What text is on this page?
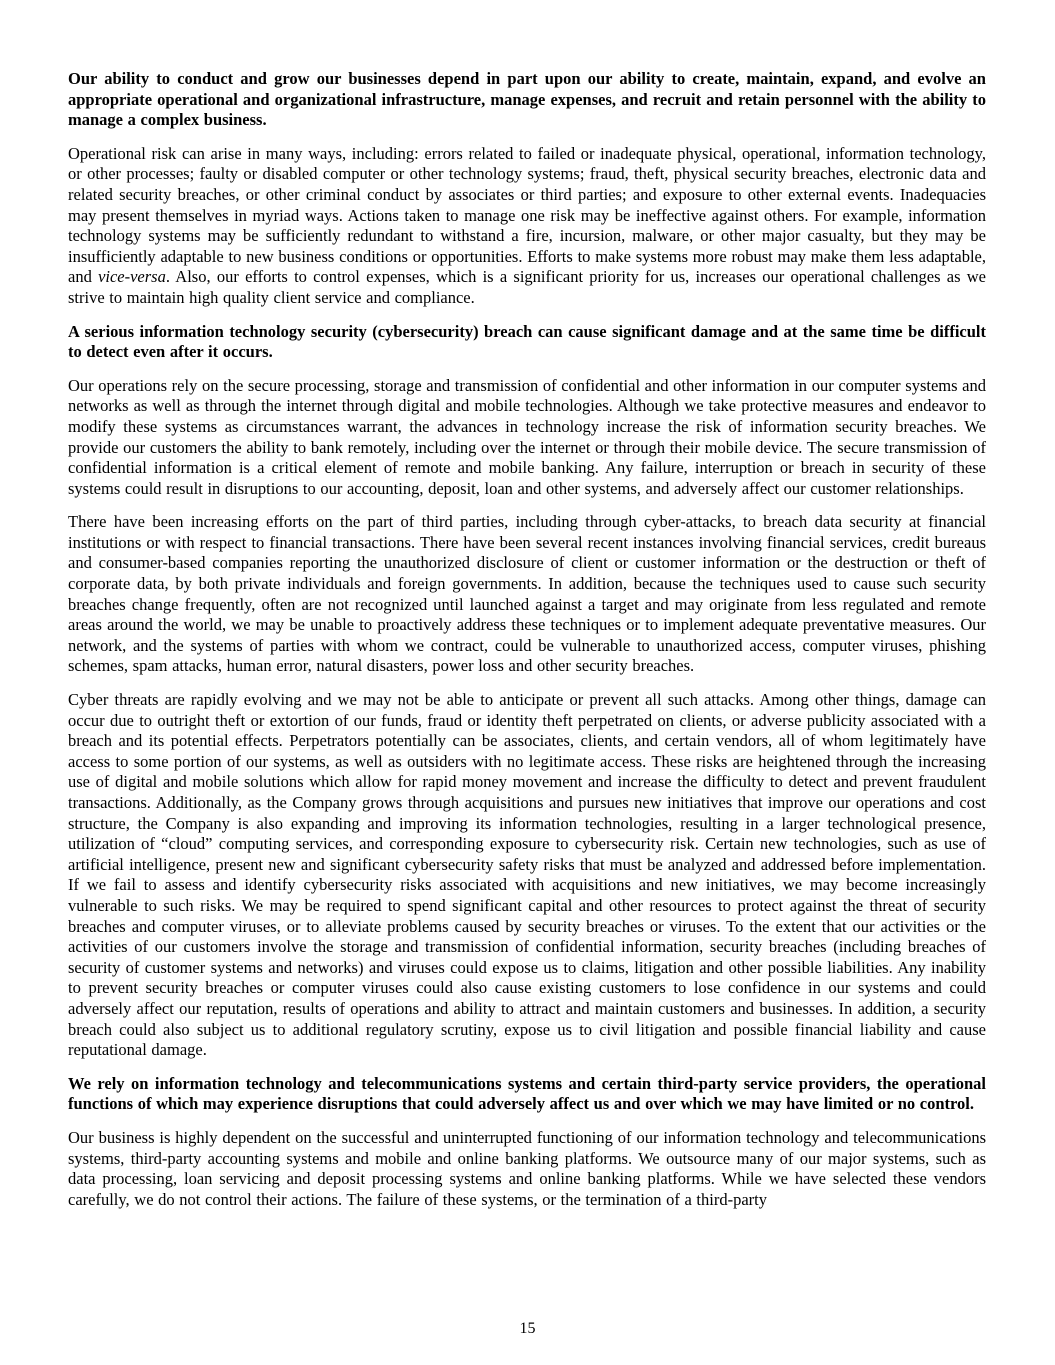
Our ability to conduct and grow our businesses depend in part upon our ability to create, maintain, expand, and evolve an appropriate operational and organizational infrastructure, manage expenses, and recruit and retain personnel with the ability to manage a complex business.

Operational risk can arise in many ways, including: errors related to failed or inadequate physical, operational, information technology, or other processes; faulty or disabled computer or other technology systems; fraud, theft, physical security breaches, electronic data and related security breaches, or other criminal conduct by associates or third parties; and exposure to other external events. Inadequacies may present themselves in myriad ways. Actions taken to manage one risk may be ineffective against others. For example, information technology systems may be sufficiently redundant to withstand a fire, incursion, malware, or other major casualty, but they may be insufficiently adaptable to new business conditions or opportunities. Efforts to make systems more robust may make them less adaptable, and vice-versa. Also, our efforts to control expenses, which is a significant priority for us, increases our operational challenges as we strive to maintain high quality client service and compliance.

A serious information technology security (cybersecurity) breach can cause significant damage and at the same time be difficult to detect even after it occurs.

Our operations rely on the secure processing, storage and transmission of confidential and other information in our computer systems and networks as well as through the internet through digital and mobile technologies. Although we take protective measures and endeavor to modify these systems as circumstances warrant, the advances in technology increase the risk of information security breaches. We provide our customers the ability to bank remotely, including over the internet or through their mobile device. The secure transmission of confidential information is a critical element of remote and mobile banking. Any failure, interruption or breach in security of these systems could result in disruptions to our accounting, deposit, loan and other systems, and adversely affect our customer relationships.

There have been increasing efforts on the part of third parties, including through cyber-attacks, to breach data security at financial institutions or with respect to financial transactions. There have been several recent instances involving financial services, credit bureaus and consumer-based companies reporting the unauthorized disclosure of client or customer information or the destruction or theft of corporate data, by both private individuals and foreign governments. In addition, because the techniques used to cause such security breaches change frequently, often are not recognized until launched against a target and may originate from less regulated and remote areas around the world, we may be unable to proactively address these techniques or to implement adequate preventative measures. Our network, and the systems of parties with whom we contract, could be vulnerable to unauthorized access, computer viruses, phishing schemes, spam attacks, human error, natural disasters, power loss and other security breaches.

Cyber threats are rapidly evolving and we may not be able to anticipate or prevent all such attacks. Among other things, damage can occur due to outright theft or extortion of our funds, fraud or identity theft perpetrated on clients, or adverse publicity associated with a breach and its potential effects. Perpetrators potentially can be associates, clients, and certain vendors, all of whom legitimately have access to some portion of our systems, as well as outsiders with no legitimate access. These risks are heightened through the increasing use of digital and mobile solutions which allow for rapid money movement and increase the difficulty to detect and prevent fraudulent transactions. Additionally, as the Company grows through acquisitions and pursues new initiatives that improve our operations and cost structure, the Company is also expanding and improving its information technologies, resulting in a larger technological presence, utilization of “cloud” computing services, and corresponding exposure to cybersecurity risk. Certain new technologies, such as use of artificial intelligence, present new and significant cybersecurity safety risks that must be analyzed and addressed before implementation. If we fail to assess and identify cybersecurity risks associated with acquisitions and new initiatives, we may become increasingly vulnerable to such risks. We may be required to spend significant capital and other resources to protect against the threat of security breaches and computer viruses, or to alleviate problems caused by security breaches or viruses. To the extent that our activities or the activities of our customers involve the storage and transmission of confidential information, security breaches (including breaches of security of customer systems and networks) and viruses could expose us to claims, litigation and other possible liabilities. Any inability to prevent security breaches or computer viruses could also cause existing customers to lose confidence in our systems and could adversely affect our reputation, results of operations and ability to attract and maintain customers and businesses. In addition, a security breach could also subject us to additional regulatory scrutiny, expose us to civil litigation and possible financial liability and cause reputational damage.

We rely on information technology and telecommunications systems and certain third-party service providers, the operational functions of which may experience disruptions that could adversely affect us and over which we may have limited or no control.

Our business is highly dependent on the successful and uninterrupted functioning of our information technology and telecommunications systems, third-party accounting systems and mobile and online banking platforms. We outsource many of our major systems, such as data processing, loan servicing and deposit processing systems and online banking platforms. While we have selected these vendors carefully, we do not control their actions. The failure of these systems, or the termination of a third-party

15
